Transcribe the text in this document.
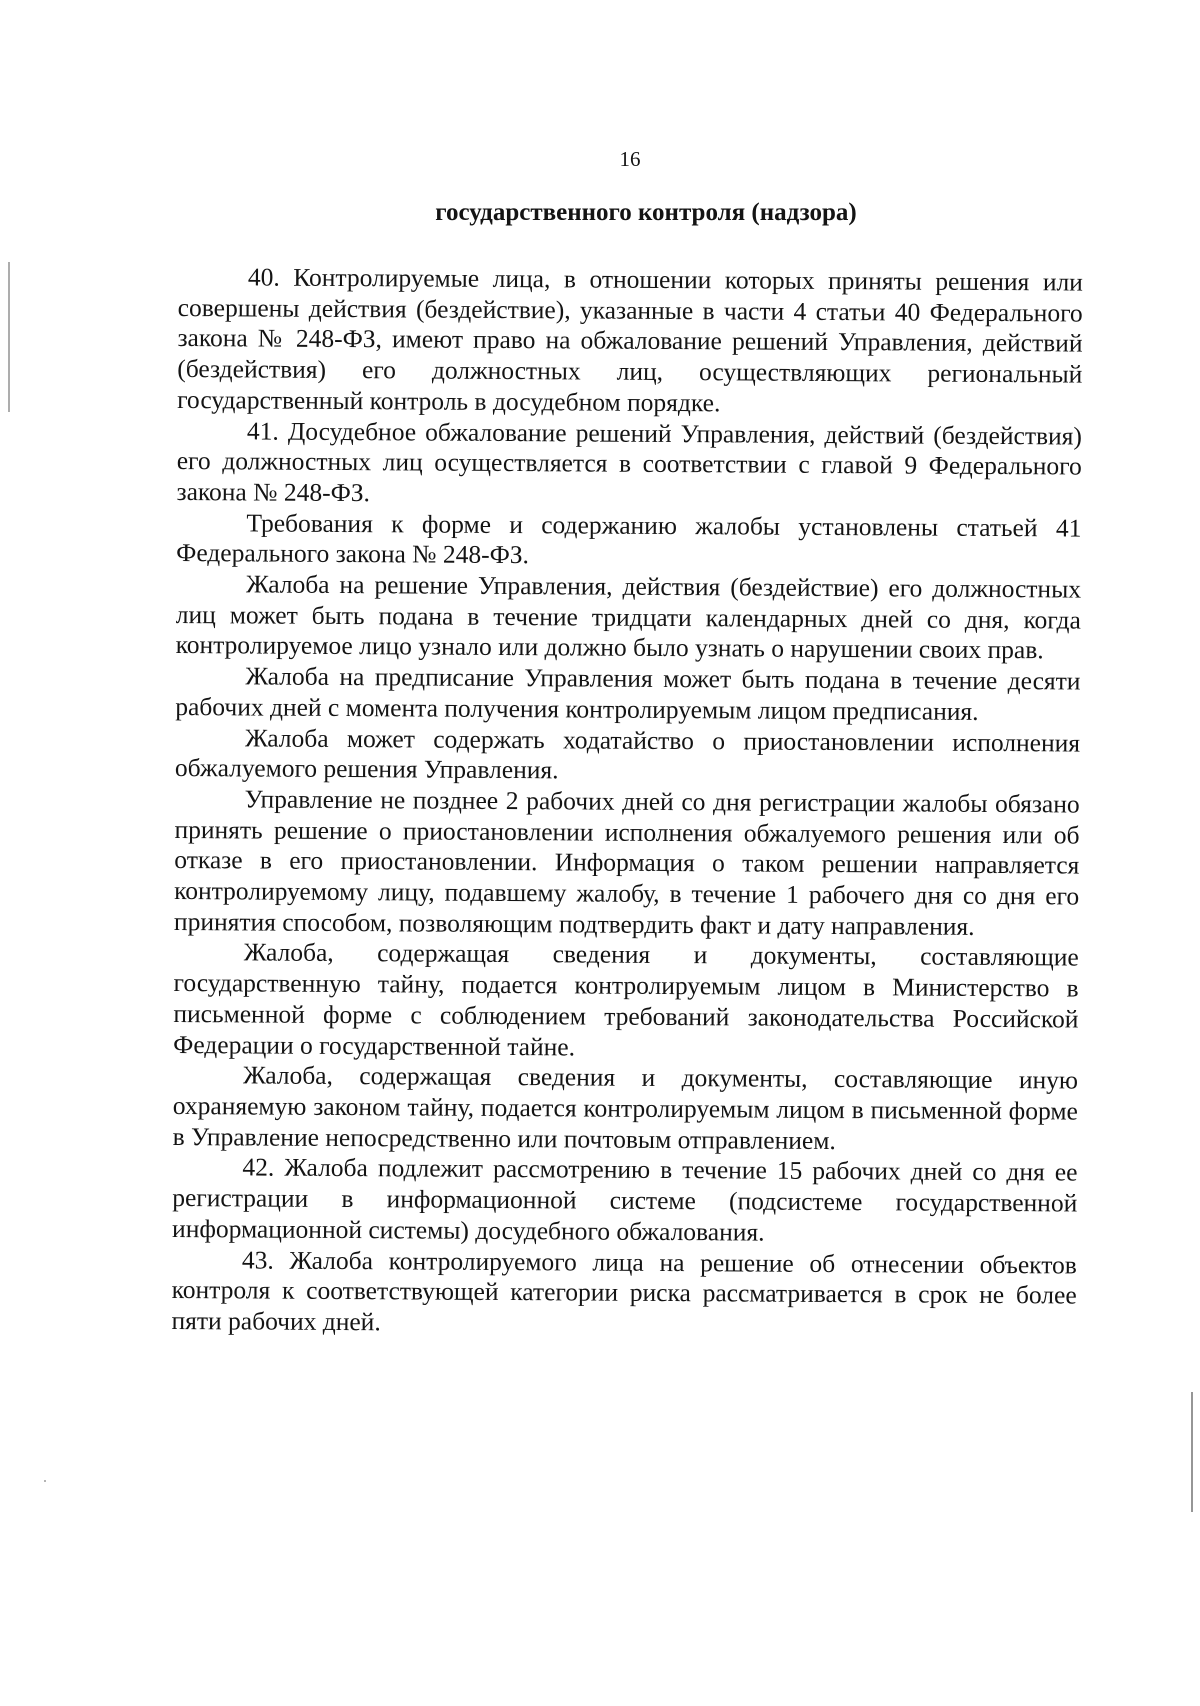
16
государственного контроля (надзора)

40. Контролируемые лица, в отношении которых приняты решения или совершены действия (бездействие), указанные в части 4 статьи 40 Федерального закона № 248-ФЗ, имеют право на обжалование решений Управления, действий (бездействия) его должностных лиц, осуществляющих региональный государственный контроль в досудебном порядке.

41. Досудебное обжалование решений Управления, действий (бездействия) его должностных лиц осуществляется в соответствии с главой 9 Федерального закона № 248-ФЗ.

Требования к форме и содержанию жалобы установлены статьей 41 Федерального закона № 248-ФЗ.

Жалоба на решение Управления, действия (бездействие) его должностных лиц может быть подана в течение тридцати календарных дней со дня, когда контролируемое лицо узнало или должно было узнать о нарушении своих прав.

Жалоба на предписание Управления может быть подана в течение десяти рабочих дней с момента получения контролируемым лицом предписания.

Жалоба может содержать ходатайство о приостановлении исполнения обжалуемого решения Управления.

Управление не позднее 2 рабочих дней со дня регистрации жалобы обязано принять решение о приостановлении исполнения обжалуемого решения или об отказе в его приостановлении. Информация о таком решении направляется контролируемому лицу, подавшему жалобу, в течение 1 рабочего дня со дня его принятия способом, позволяющим подтвердить факт и дату направления.

Жалоба, содержащая сведения и документы, составляющие государственную тайну, подается контролируемым лицом в Министерство в письменной форме с соблюдением требований законодательства Российской Федерации о государственной тайне.

Жалоба, содержащая сведения и документы, составляющие иную охраняемую законом тайну, подается контролируемым лицом в письменной форме в Управление непосредственно или почтовым отправлением.

42. Жалоба подлежит рассмотрению в течение 15 рабочих дней со дня ее регистрации в информационной системе (подсистеме государственной информационной системы) досудебного обжалования.

43. Жалоба контролируемого лица на решение об отнесении объектов контроля к соответствующей категории риска рассматривается в срок не более пяти рабочих дней.
